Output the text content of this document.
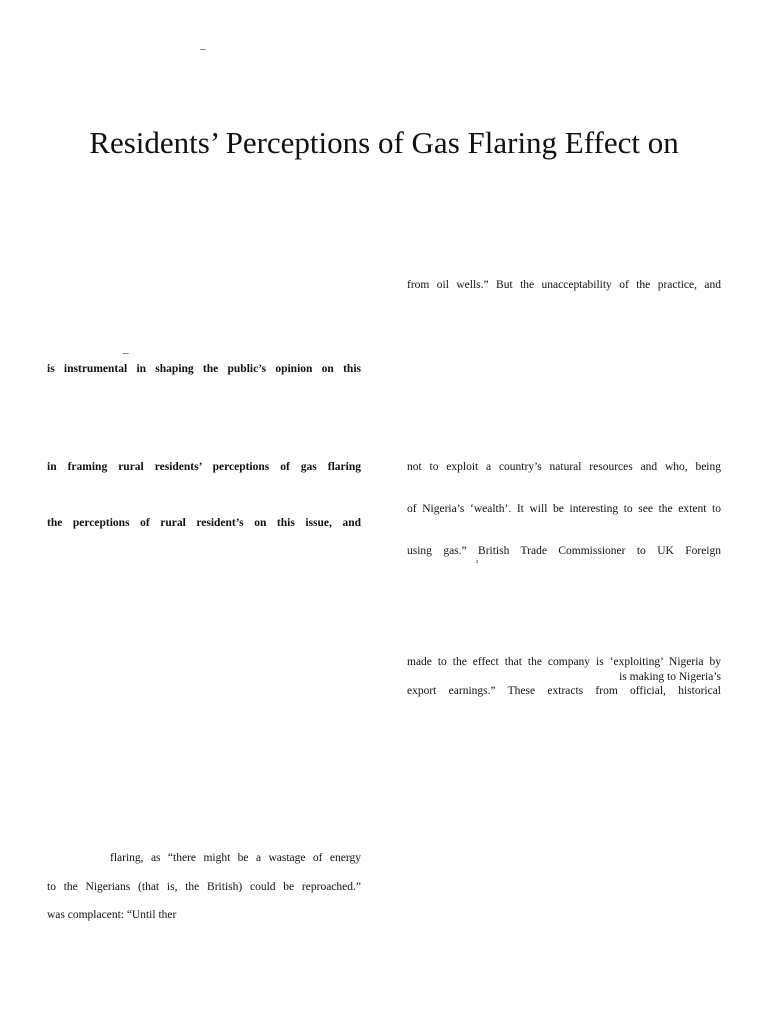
–
Residents’ Perceptions of Gas Flaring Effect on
–
is instrumental in shaping the public’s opinion on this
in framing rural residents’ perceptions of gas flaring
the perceptions of rural resident’s on this issue, and
flaring, as “there might be a wastage of energy
to the Nigerians (that is, the British) could be reproached.”
was complacent: “Until ther
from oil wells.” But the unacceptability of the practice, and
not to exploit a country’s natural resources and who, being
of Nigeria’s ‘wealth’. It will be interesting to see the extent to
using gas.” British Trade Commissioner to UK Foreign
³
made to the effect that the company is ‘exploiting’ Nigeria by
is making to Nigeria’s
export earnings.” These extracts from official, historical
